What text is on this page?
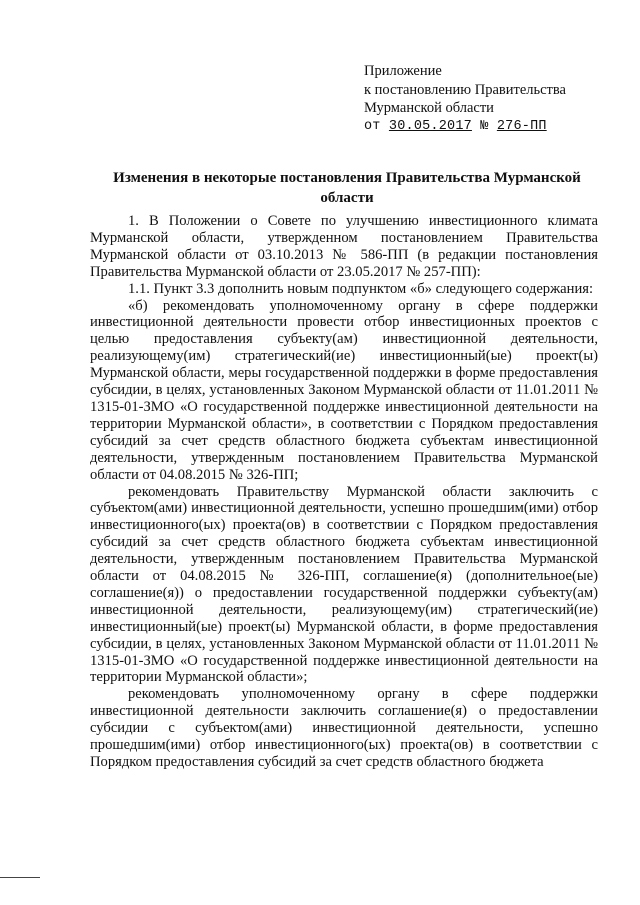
Приложение
к постановлению Правительства
Мурманской области
от 30.05.2017 № 276-ПП
Изменения в некоторые постановления Правительства Мурманской области

1. В Положении о Совете по улучшению инвестиционного климата Мурманской области, утвержденном постановлением Правительства Мурманской области от 03.10.2013 № 586-ПП (в редакции постановления Правительства Мурманской области от 23.05.2017 № 257-ПП):

1.1. Пункт 3.3 дополнить новым подпунктом «б» следующего содержания:

«б) рекомендовать уполномоченному органу в сфере поддержки инвестиционной деятельности провести отбор инвестиционных проектов с целью предоставления субъекту(ам) инвестиционной деятельности, реализующему(им) стратегический(ие) инвестиционный(ые) проект(ы) Мурманской области, меры государственной поддержки в форме предоставления субсидии, в целях, установленных Законом Мурманской области от 11.01.2011 № 1315-01-ЗМО «О государственной поддержке инвестиционной деятельности на территории Мурманской области», в соответствии с Порядком предоставления субсидий за счет средств областного бюджета субъектам инвестиционной деятельности, утвержденным постановлением Правительства Мурманской области от 04.08.2015 № 326-ПП;

рекомендовать Правительству Мурманской области заключить с субъектом(ами) инвестиционной деятельности, успешно прошедшим(ими) отбор инвестиционного(ых) проекта(ов) в соответствии с Порядком предоставления субсидий за счет средств областного бюджета субъектам инвестиционной деятельности, утвержденным постановлением Правительства Мурманской области от 04.08.2015 № 326-ПП, соглашение(я) (дополнительное(ые) соглашение(я)) о предоставлении государственной поддержки субъекту(ам) инвестиционной деятельности, реализующему(им) стратегический(ие) инвестиционный(ые) проект(ы) Мурманской области, в форме предоставления субсидии, в целях, установленных Законом Мурманской области от 11.01.2011 № 1315-01-ЗМО «О государственной поддержке инвестиционной деятельности на территории Мурманской области»;

рекомендовать уполномоченному органу в сфере поддержки инвестиционной деятельности заключить соглашение(я) о предоставлении субсидии с субъектом(ами) инвестиционной деятельности, успешно прошедшим(ими) отбор инвестиционного(ых) проекта(ов) в соответствии с Порядком предоставления субсидий за счет средств областного бюджета
